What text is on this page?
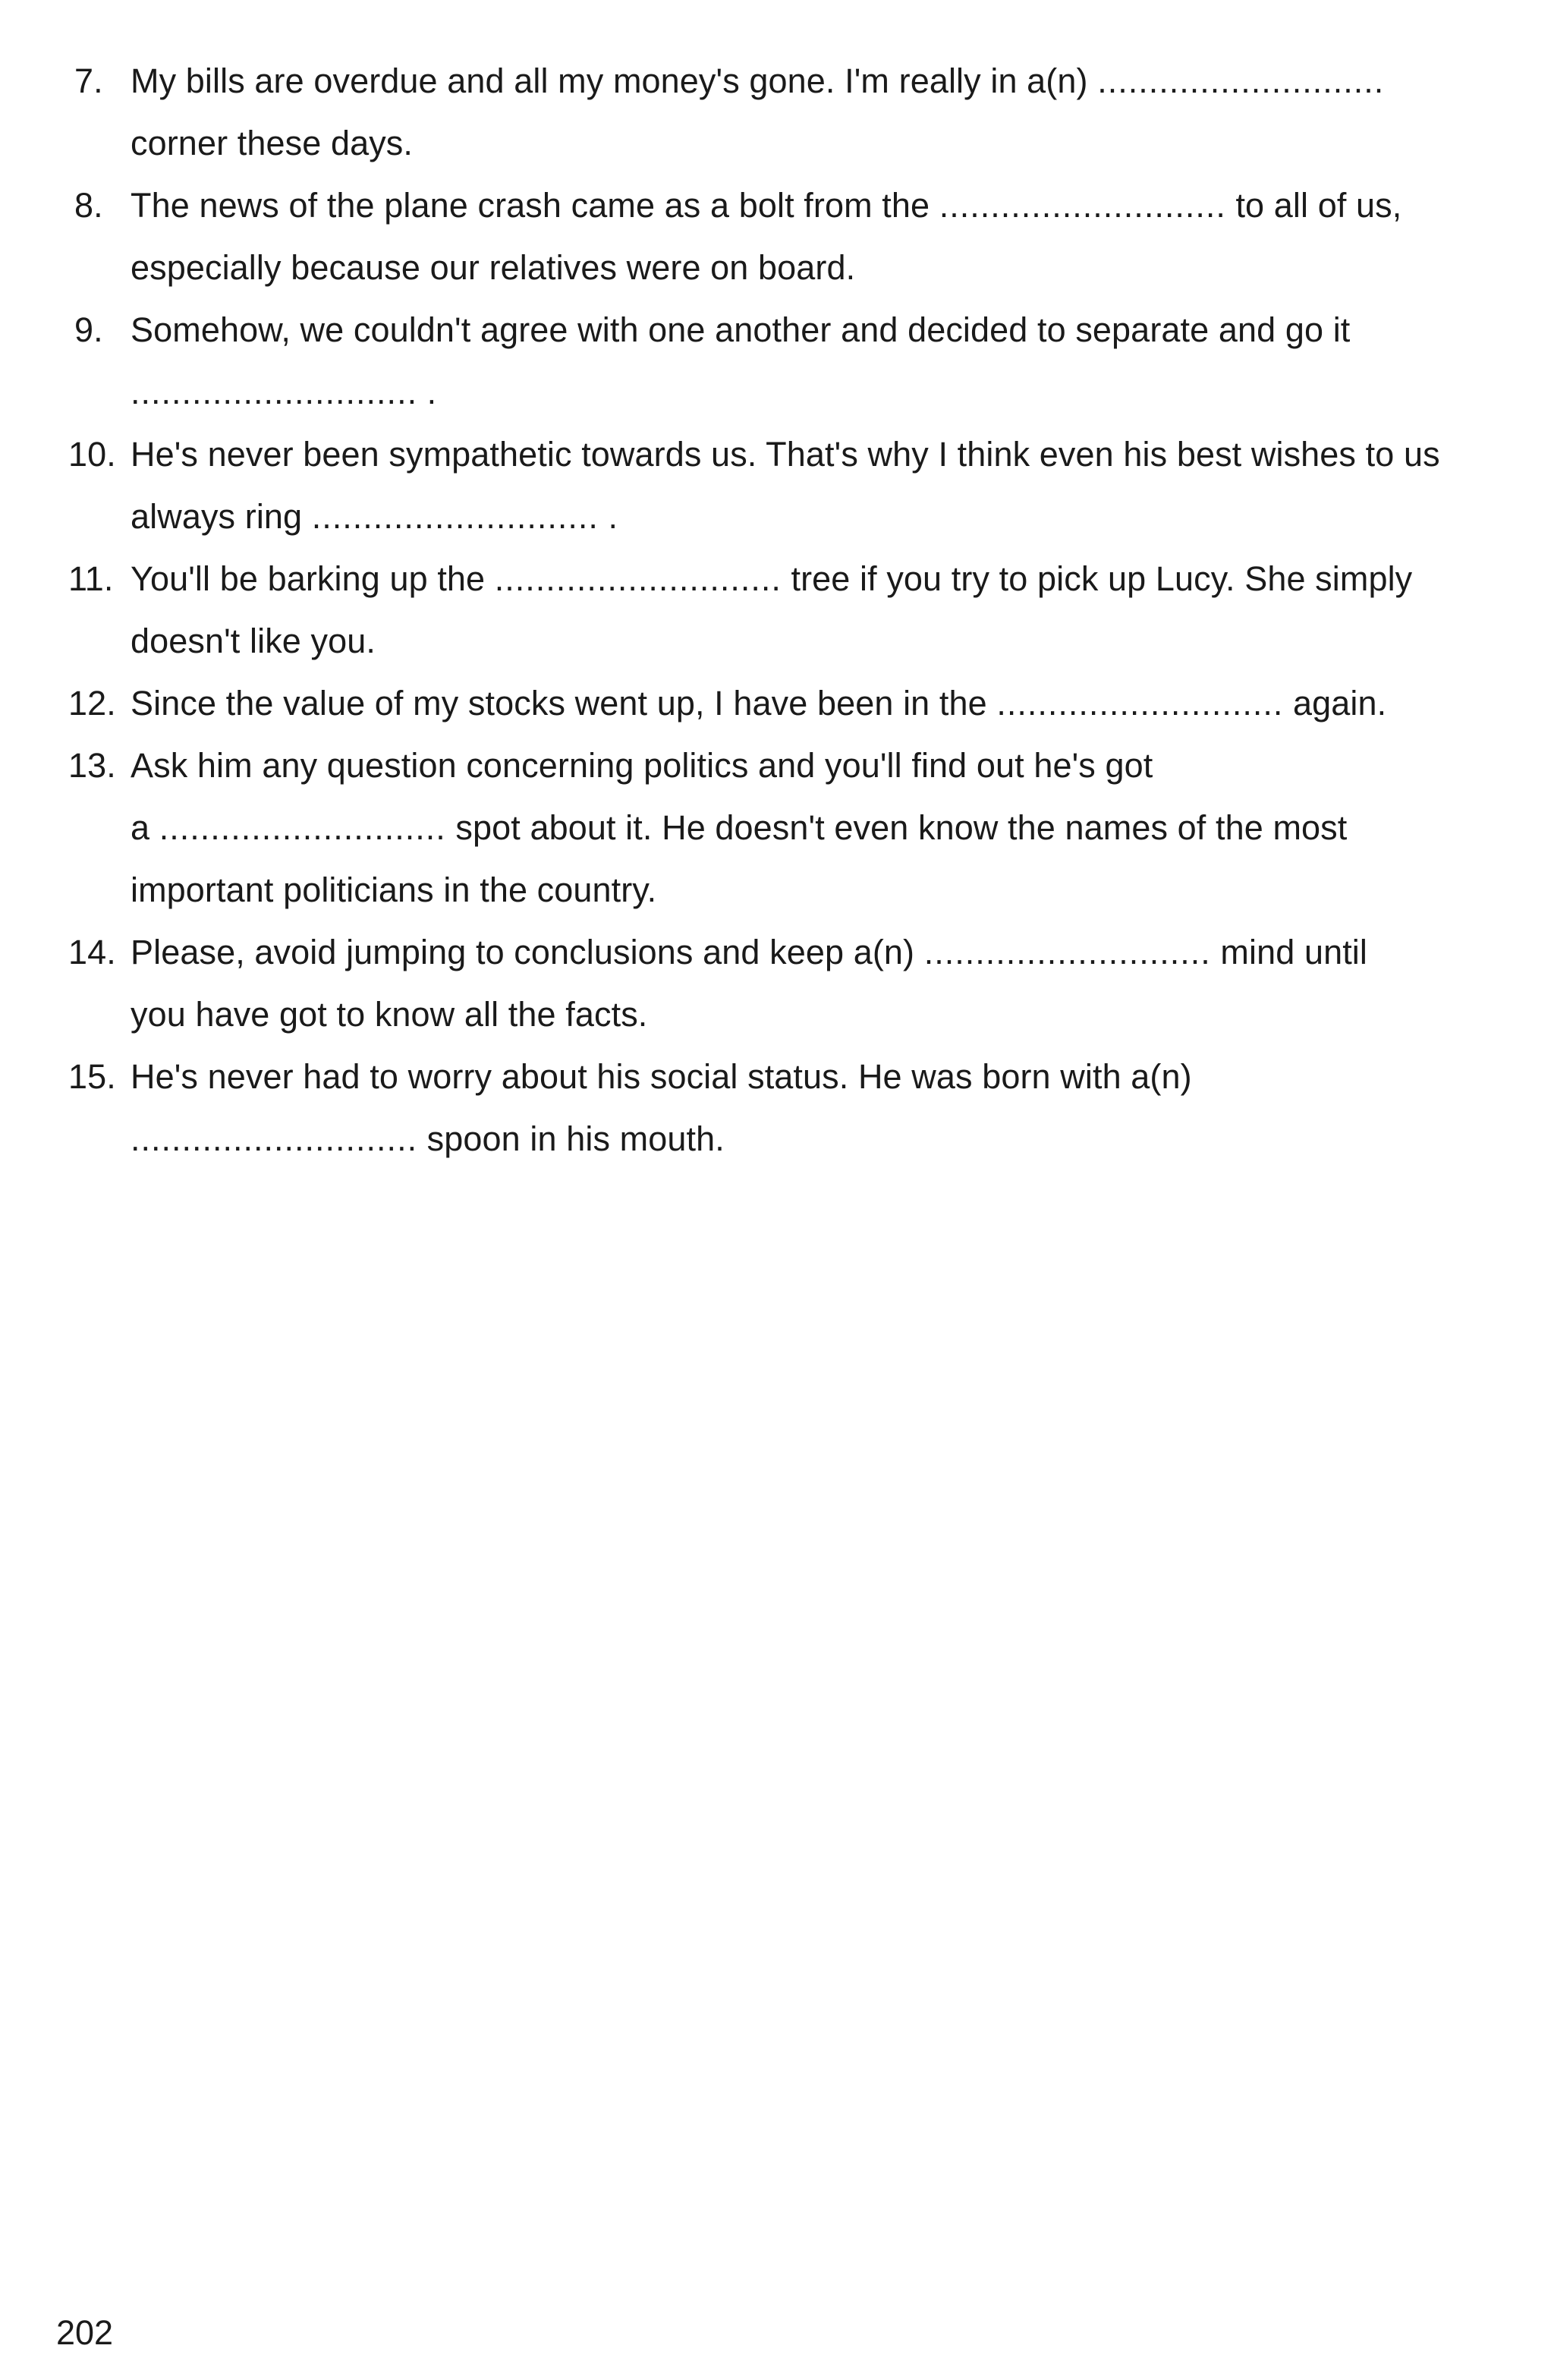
7. My bills are overdue and all my money's gone. I'm really in a(n) ............................
corner these days.
8. The news of the plane crash came as a bolt from the ............................ to all of us,
especially because our relatives were on board.
9. Somehow, we couldn't agree with one another and decided to separate and go it
............................ .
10. He's never been sympathetic towards us. That's why I think even his best wishes to us
always ring ............................ .
11. You'll be barking up the ............................ tree if you try to pick up Lucy. She simply
doesn't like you.
12. Since the value of my stocks went up, I have been in the ............................ again.
13. Ask him any question concerning politics and you'll find out he's got
a ............................ spot about it. He doesn't even know the names of the most
important politicians in the country.
14. Please, avoid jumping to conclusions and keep a(n) ............................ mind until
you have got to know all the facts.
15. He's never had to worry about his social status. He was born with a(n)
............................ spoon in his mouth.
202
